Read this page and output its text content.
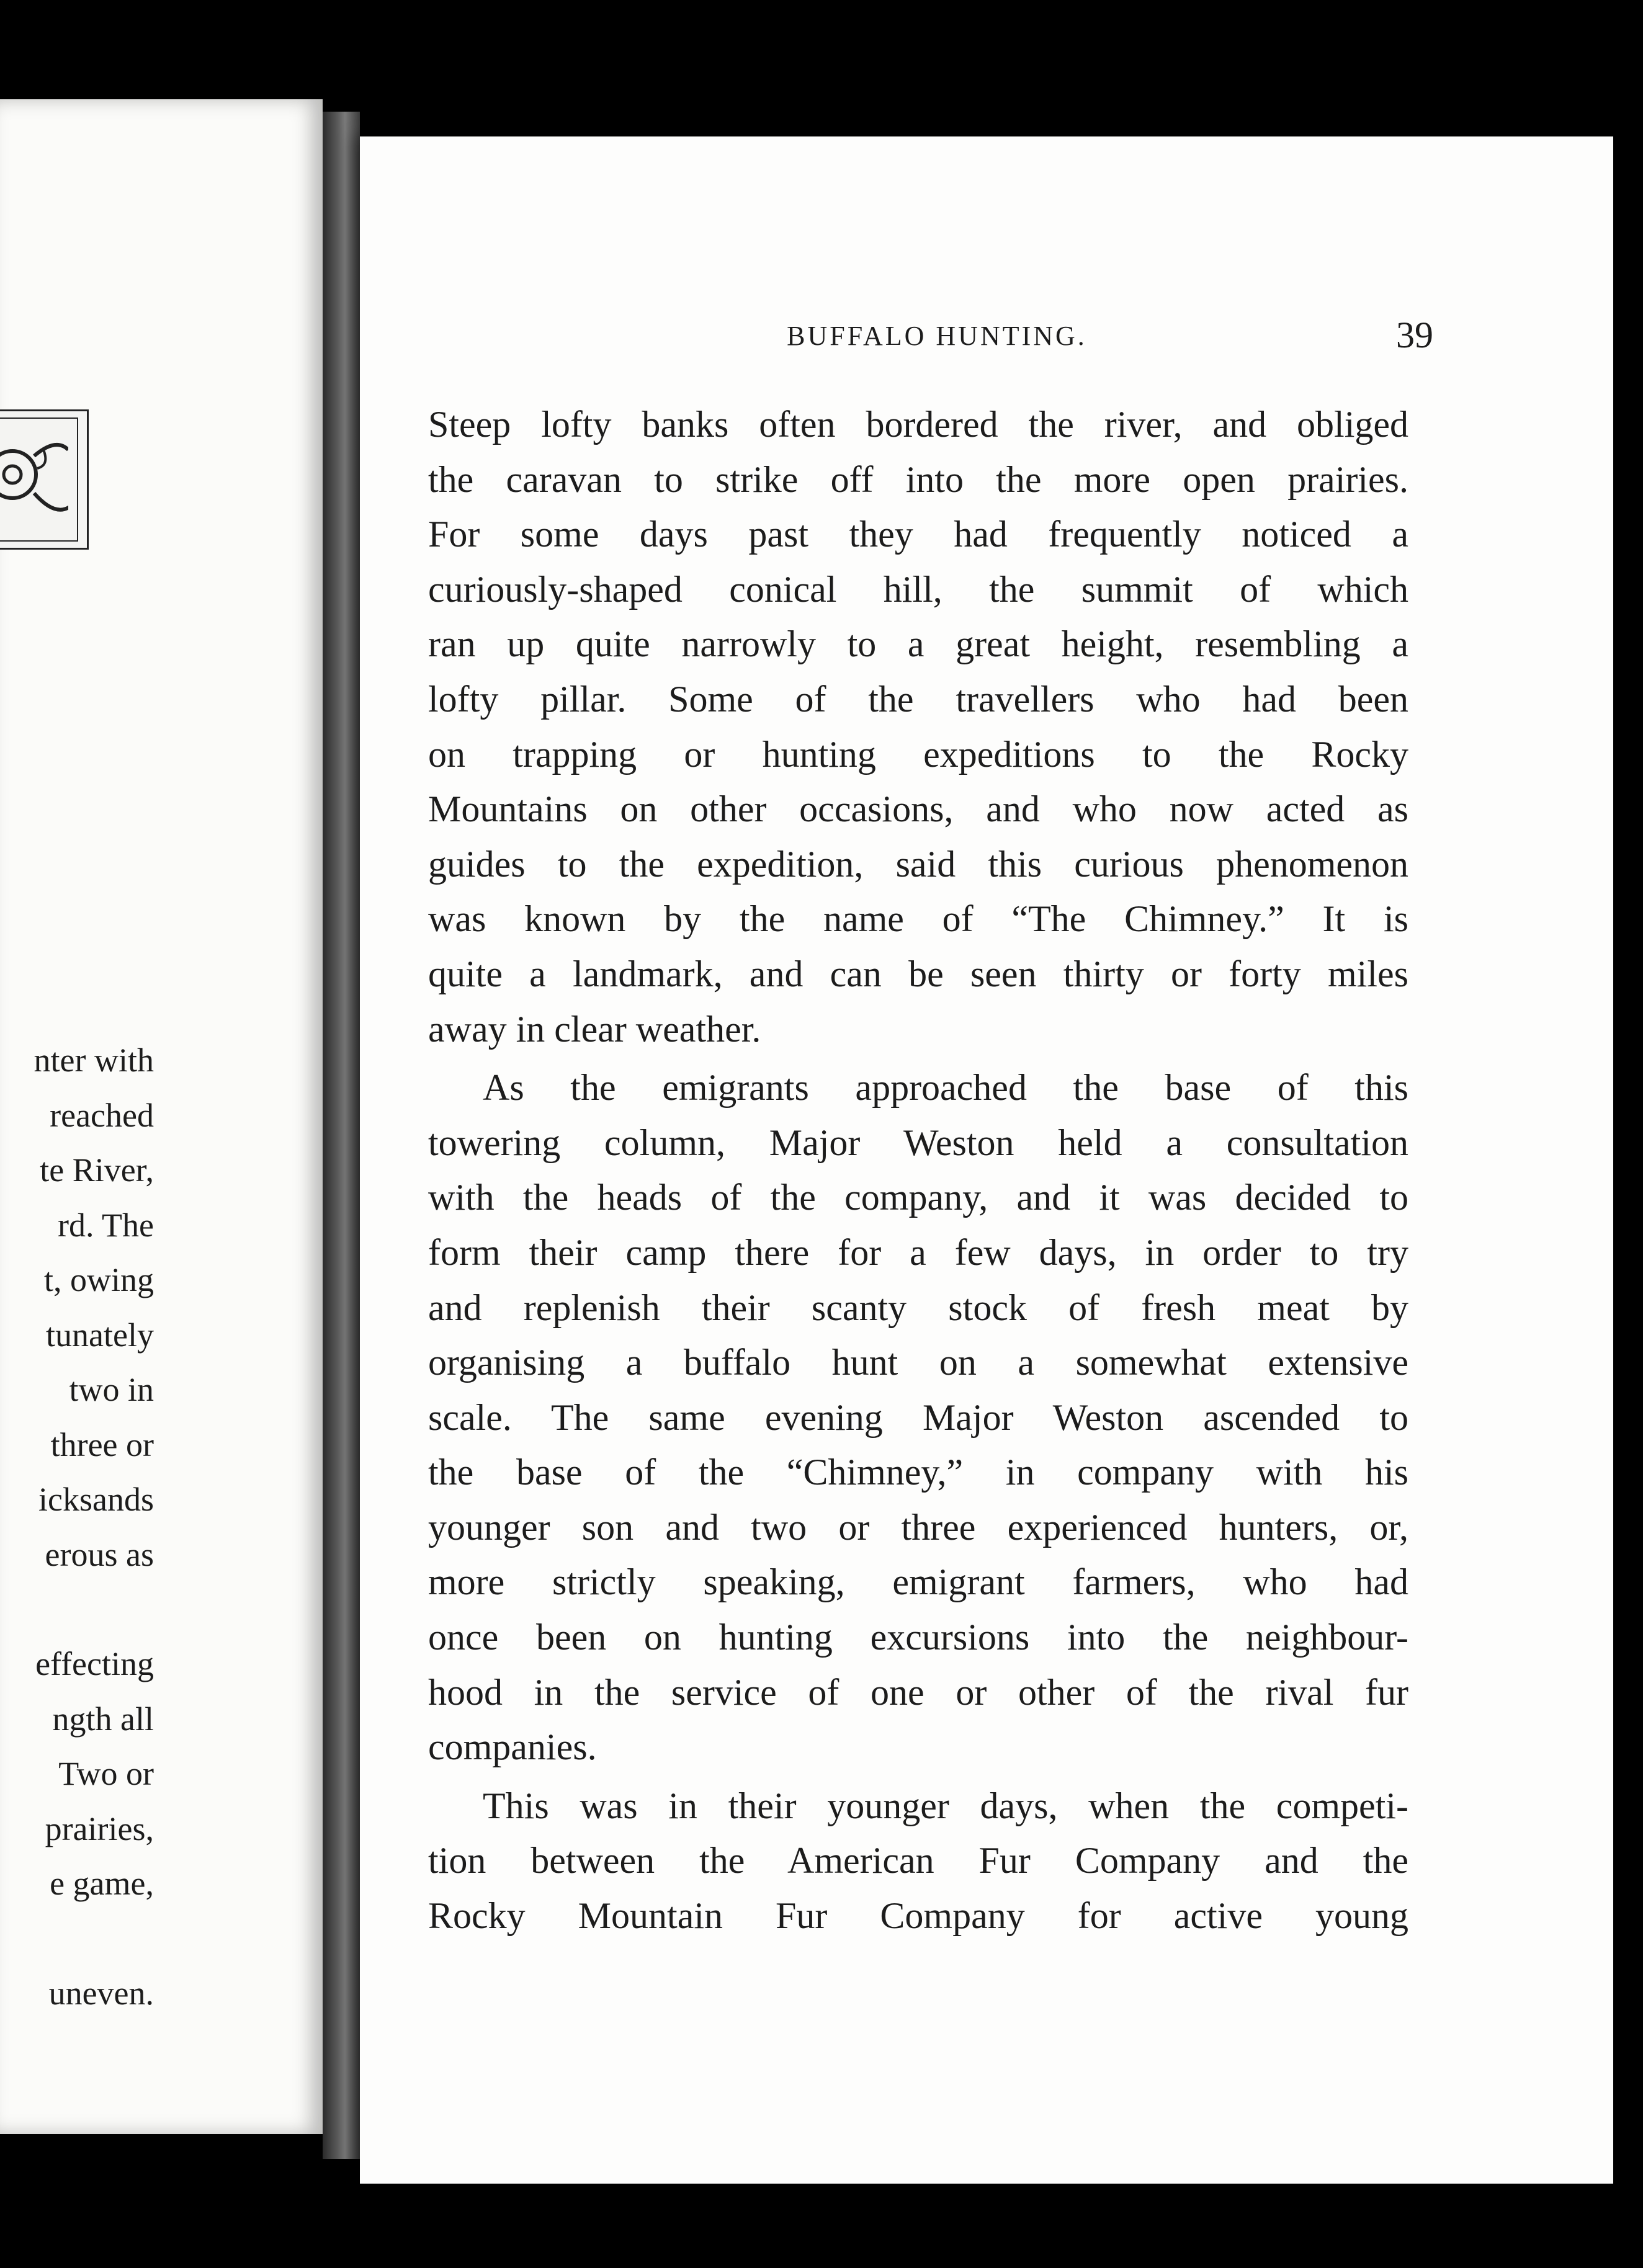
nter with
reached
te River,
rd. The
t, owing
tunately
two in
three or
icksands
erous as
effecting
ngth all
Two or
prairies,
e game,
uneven.
BUFFALO HUNTING.	39
Steep lofty banks often bordered the river, and obliged
the caravan to strike off into the more open prairies.
For some days past they had frequently noticed a
curiously-shaped conical hill, the summit of which
ran up quite narrowly to a great height, resembling a
lofty pillar. Some of the travellers who had been
on trapping or hunting expeditions to the Rocky
Mountains on other occasions, and who now acted as
guides to the expedition, said this curious phenomenon
was known by the name of “The Chimney.” It is
quite a landmark, and can be seen thirty or forty miles
away in clear weather.
As the emigrants approached the base of this
towering column, Major Weston held a consultation
with the heads of the company, and it was decided to
form their camp there for a few days, in order to try
and replenish their scanty stock of fresh meat by
organising a buffalo hunt on a somewhat extensive
scale. The same evening Major Weston ascended to
the base of the “Chimney,” in company with his
younger son and two or three experienced hunters, or,
more strictly speaking, emigrant farmers, who had
once been on hunting excursions into the neighbour-
hood in the service of one or other of the rival fur
companies.
This was in their younger days, when the competi-
tion between the American Fur Company and the
Rocky Mountain Fur Company for active young
